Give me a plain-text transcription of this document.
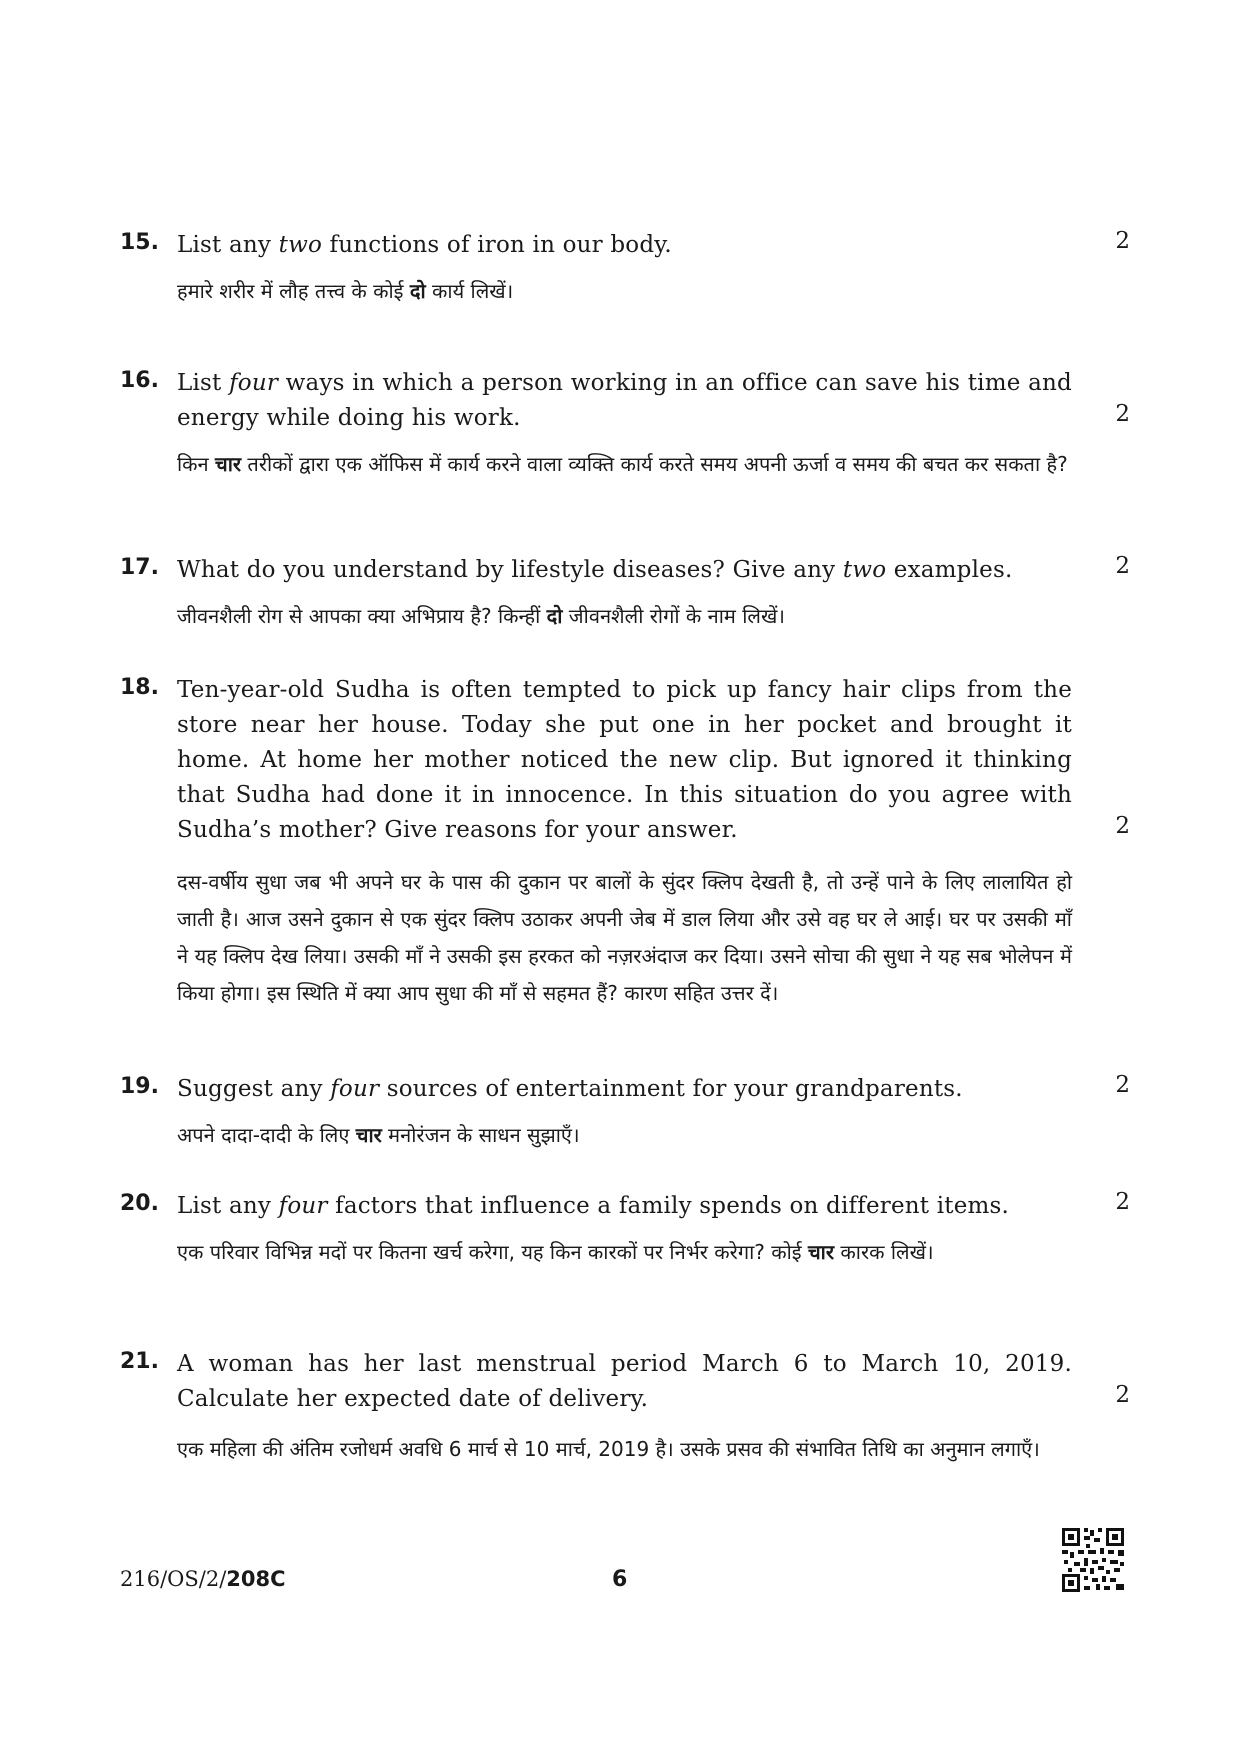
15. List any two functions of iron in our body.
हमारे शरीर में लौह तत्त्व के कोई दो कार्य लिखें।
2
16. List four ways in which a person working in an office can save his time and energy while doing his work.
किन चार तरीकों द्वारा एक ऑफिस में कार्य करने वाला व्यक्ति कार्य करते समय अपनी ऊर्जा व समय की बचत कर सकता है?
2
17. What do you understand by lifestyle diseases? Give any two examples.
जीवनशैली रोग से आपका क्या अभिप्राय है? किन्हीं दो जीवनशैली रोगों के नाम लिखें।
2
18. Ten-year-old Sudha is often tempted to pick up fancy hair clips from the store near her house. Today she put one in her pocket and brought it home. At home her mother noticed the new clip. But ignored it thinking that Sudha had done it in innocence. In this situation do you agree with Sudha’s mother? Give reasons for your answer.
दस-वर्षीय सुधा जब भी अपने घर के पास की दुकान पर बालों के सुंदर क्लिप देखती है, तो उन्हें पाने के लिए लालायित हो जाती है। आज उसने दुकान से एक सुंदर क्लिप उठाकर अपनी जेब में डाल लिया और उसे वह घर ले आई। घर पर उसकी माँ ने यह क्लिप देख लिया। उसकी माँ ने उसकी इस हरकत को नज़रअंदाज कर दिया। उसने सोचा की सुधा ने यह सब भोलेपन में किया होगा। इस स्थिति में क्या आप सुधा की माँ से सहमत हैं? कारण सहित उत्तर दें।
2
19. Suggest any four sources of entertainment for your grandparents.
अपने दादा-दादी के लिए चार मनोरंजन के साधन सुझाएँ।
2
20. List any four factors that influence a family spends on different items.
एक परिवार विभिन्न मदों पर कितना खर्च करेगा, यह किन कारकों पर निर्भर करेगा? कोई चार कारक लिखें।
2
21. A woman has her last menstrual period March 6 to March 10, 2019. Calculate her expected date of delivery.
एक महिला की अंतिम रजोधर्म अवधि 6 मार्च से 10 मार्च, 2019 है। उसके प्रसव की संभावित तिथि का अनुमान लगाएँ।
2
216/OS/2/208C	6
